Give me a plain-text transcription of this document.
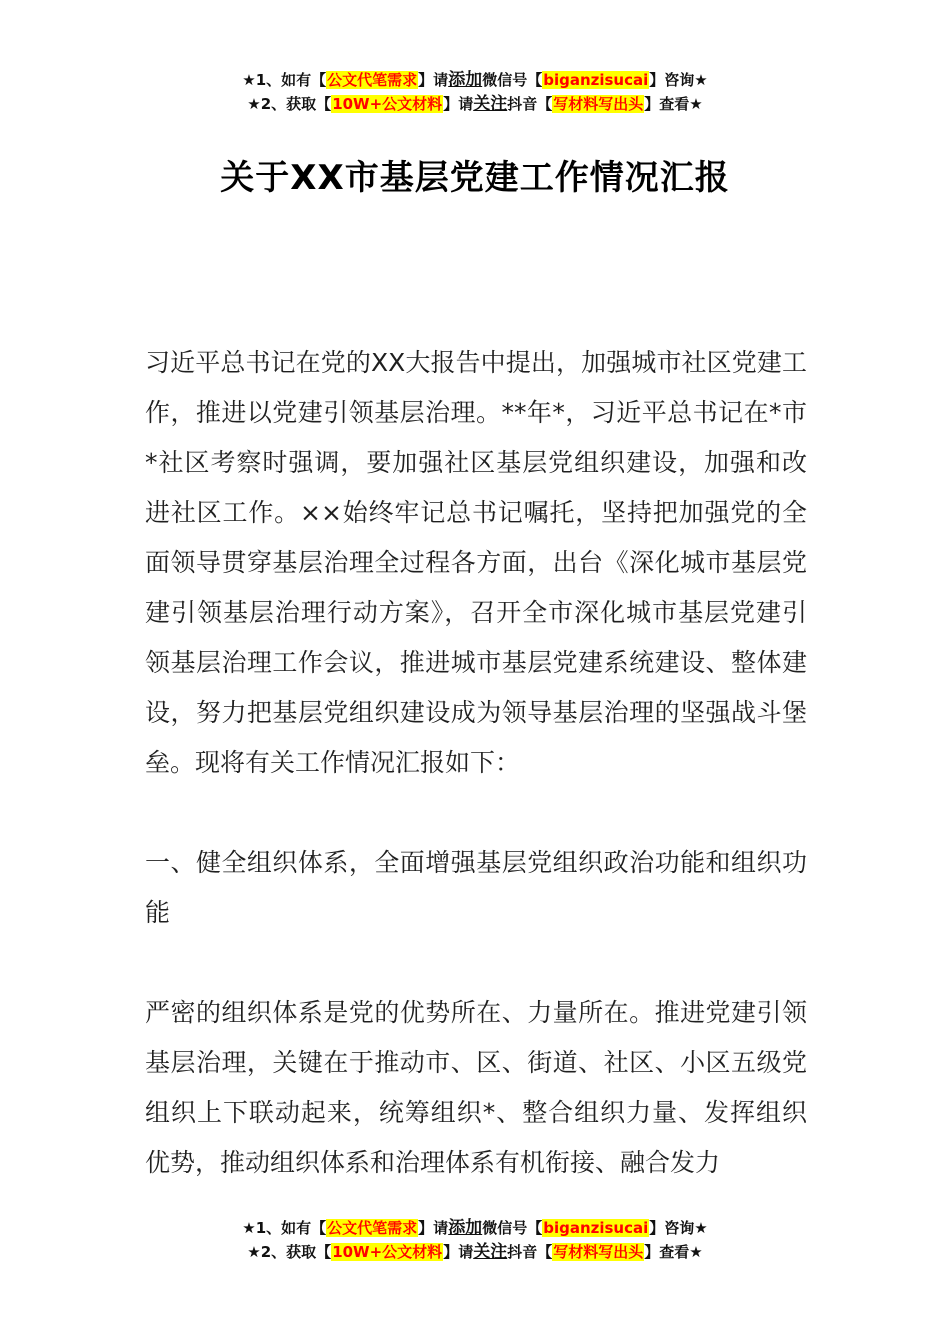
★1、如有【公文代笔需求】请添加微信号【biganzisucai】咨询★
★2、获取【10W+公文材料】请关注抖音【写材料写出头】查看★
关于XX市基层党建工作情况汇报

习近平总书记在党的XX大报告中提出，加强城市社区党建工作，推进以党建引领基层治理。**年*，习近平总书记在*市*社区考察时强调，要加强社区基层党组织建设，加强和改进社区工作。××始终牢记总书记嘱托，坚持把加强党的全面领导贯穿基层治理全过程各方面，出台《深化城市基层党建引领基层治理行动方案》，召开全市深化城市基层党建引领基层治理工作会议，推进城市基层党建系统建设、整体建设，努力把基层党组织建设成为领导基层治理的坚强战斗堡垒。现将有关工作情况汇报如下：

一、健全组织体系，全面增强基层党组织政治功能和组织功能

严密的组织体系是党的优势所在、力量所在。推进党建引领基层治理，关键在于推动市、区、街道、社区、小区五级党组织上下联动起来，统筹组织*、整合组织力量、发挥组织优势，推动组织体系和治理体系有机衔接、融合发力

★1、如有【公文代笔需求】请添加微信号【biganzisucai】咨询★
★2、获取【10W+公文材料】请关注抖音【写材料写出头】查看★
